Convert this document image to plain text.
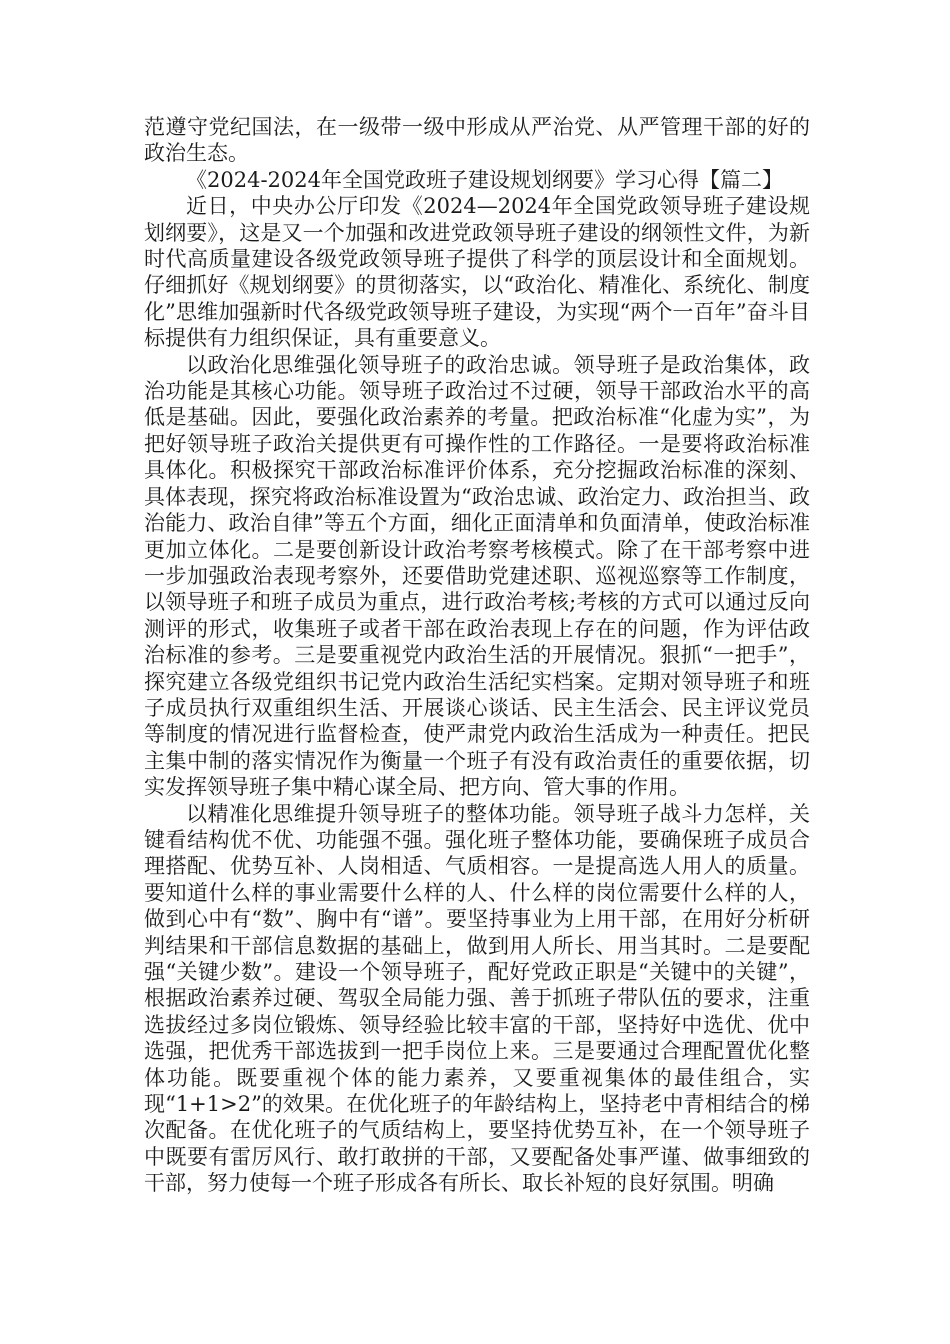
范遵守党纪国法，在一级带一级中形成从严治党、从严管理干部的好的政治生态。

《2024-2024年全国党政班子建设规划纲要》学习心得【篇二】

近日，中央办公厅印发《2024—2024年全国党政领导班子建设规划纲要》，这是又一个加强和改进党政领导班子建设的纲领性文件，为新时代高质量建设各级党政领导班子提供了科学的顶层设计和全面规划。仔细抓好《规划纲要》的贯彻落实，以“政治化、精准化、系统化、制度化”思维加强新时代各级党政领导班子建设，为实现“两个一百年”奋斗目标提供有力组织保证，具有重要意义。

以政治化思维强化领导班子的政治忠诚。领导班子是政治集体，政治功能是其核心功能。领导班子政治过不过硬，领导干部政治水平的高低是基础。因此，要强化政治素养的考量。把政治标准“化虚为实”，为把好领导班子政治关提供更有可操作性的工作路径。一是要将政治标准具体化。积极探究干部政治标准评价体系，充分挖掘政治标准的深刻、具体表现，探究将政治标准设置为“政治忠诚、政治定力、政治担当、政治能力、政治自律”等五个方面，细化正面清单和负面清单，使政治标准更加立体化。二是要创新设计政治考察考核模式。除了在干部考察中进一步加强政治表现考察外，还要借助党建述职、巡视巡察等工作制度，以领导班子和班子成员为重点，进行政治考核;考核的方式可以通过反向测评的形式，收集班子或者干部在政治表现上存在的问题，作为评估政治标准的参考。三是要重视党内政治生活的开展情况。狠抓“一把手”，探究建立各级党组织书记党内政治生活纪实档案。定期对领导班子和班子成员执行双重组织生活、开展谈心谈话、民主生活会、民主评议党员等制度的情况进行监督检查，使严肃党内政治生活成为一种责任。把民主集中制的落实情况作为衡量一个班子有没有政治责任的重要依据，切实发挥领导班子集中精心谋全局、把方向、管大事的作用。

以精准化思维提升领导班子的整体功能。领导班子战斗力怎样，关键看结构优不优、功能强不强。强化班子整体功能，要确保班子成员合理搭配、优势互补、人岗相适、气质相容。一是提高选人用人的质量。要知道什么样的事业需要什么样的人、什么样的岗位需要什么样的人，做到心中有“数”、胸中有“谱”。要坚持事业为上用干部，在用好分析研判结果和干部信息数据的基础上，做到用人所长、用当其时。二是要配强“关键少数”。建设一个领导班子，配好党政正职是“关键中的关键”，根据政治素养过硬、驾驭全局能力强、善于抓班子带队伍的要求，注重选拔经过多岗位锻炼、领导经验比较丰富的干部，坚持好中选优、优中选强，把优秀干部选拔到一把手岗位上来。三是要通过合理配置优化整体功能。既要重视个体的能力素养，又要重视集体的最佳组合，实现“1+1>2”的效果。在优化班子的年龄结构上，坚持老中青相结合的梯次配备。在优化班子的气质结构上，要坚持优势互补，在一个领导班子中既要有雷厉风行、敢打敢拼的干部，又要配备处事严谨、做事细致的干部，努力使每一个班子形成各有所长、取长补短的良好氛围。明确
